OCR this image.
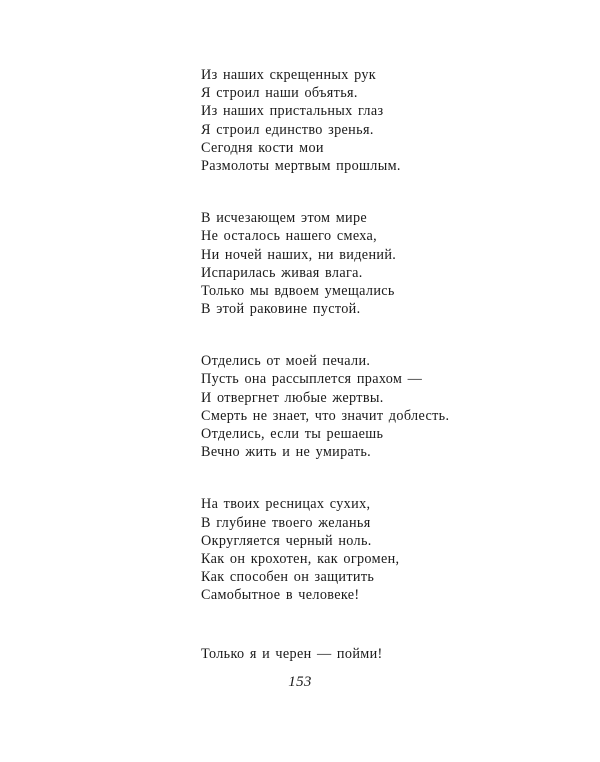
Из наших скрещенных рук
Я строил наши объятья.
Из наших пристальных глаз
Я строил единство зренья.
Сегодня кости мои
Размолоты мертвым прошлым.
В исчезающем этом мире
Не осталось нашего смеха,
Ни ночей наших, ни видений.
Испарилась живая влага.
Только мы вдвоем умещались
В этой раковине пустой.
Отделись от моей печали.
Пусть она рассыплется прахом —
И отвергнет любые жертвы.
Смерть не знает, что значит доблесть.
Отделись, если ты решаешь
Вечно жить и не умирать.
На твоих ресницах сухих,
В глубине твоего желанья
Округляется черный ноль.
Как он крохотен, как огромен,
Как способен он защитить
Самобытное в человеке!
Только я и черен — пойми!
153
